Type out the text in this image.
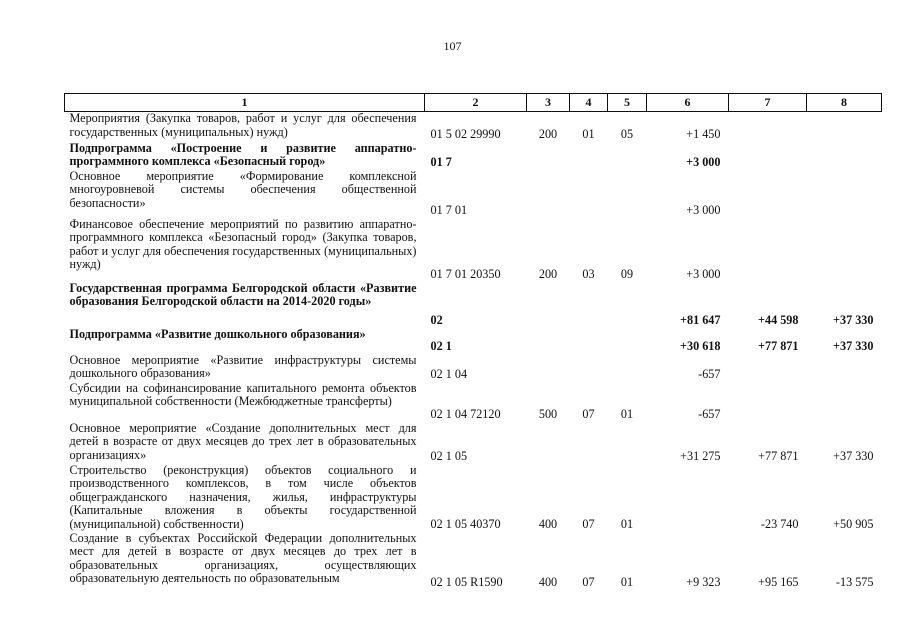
107
1	2	3	4	5	6	7	8
Мероприятия (Закупка товаров, работ и услуг для обеспечения государственных (муниципальных) нужд)	01 5 02 29990	200	01	05	+1 450		
Подпрограмма «Построение и развитие аппаратно-программного комплекса «Безопасный город»	01 7				+3 000		
Основное мероприятие «Формирование комплексной многоуровневой системы обеспечения общественной безопасности»	01 7 01				+3 000		
Финансовое обеспечение мероприятий по развитию аппаратно-программного комплекса «Безопасный город» (Закупка товаров, работ и услуг для обеспечения государственных (муниципальных) нужд)	01 7 01 20350	200	03	09	+3 000		
Государственная программа Белгородской области «Развитие образования Белгородской области на 2014-2020 годы»	02				+81 647	+44 598	+37 330
Подпрограмма «Развитие дошкольного образования»	02 1				+30 618	+77 871	+37 330
Основное мероприятие «Развитие инфраструктуры системы дошкольного образования»	02 1 04				-657		
Субсидии на софинансирование капитального ремонта объектов муниципальной собственности (Межбюджетные трансферты)	02 1 04 72120	500	07	01	-657		
Основное мероприятие «Создание дополнительных мест для детей в возрасте от двух месяцев до трех лет в образовательных организациях»	02 1 05				+31 275	+77 871	+37 330
Строительство (реконструкция) объектов социального и производственного комплексов, в том числе объектов общегражданского назначения, жилья, инфраструктуры (Капитальные вложения в объекты государственной (муниципальной) собственности)	02 1 05 40370	400	07	01		-23 740	+50 905
Создание в субъектах Российской Федерации дополнительных мест для детей в возрасте от двух месяцев до трех лет в образовательных организациях, осуществляющих образовательную деятельность по образовательным	02 1 05 R1590	400	07	01	+9 323	+95 165	-13 575
